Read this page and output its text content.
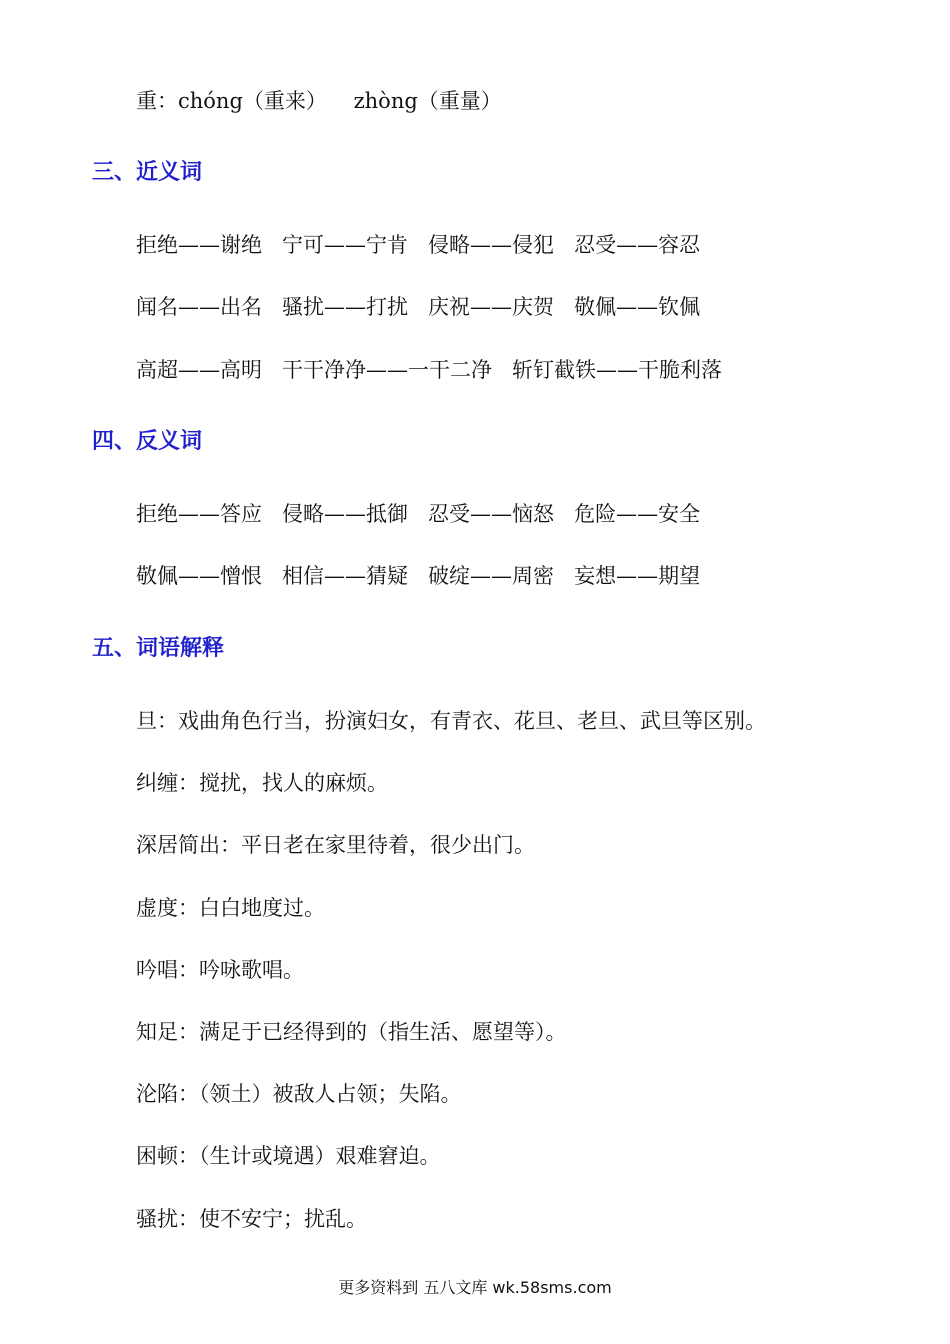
重：chóng（重来）    zhòng（重量）

三、近义词

拒绝——谢绝   宁可——宁肯   侵略——侵犯   忍受——容忍

闻名——出名   骚扰——打扰   庆祝——庆贺   敬佩——钦佩

高超——高明   干干净净——一干二净   斩钉截铁——干脆利落

四、反义词

拒绝——答应   侵略——抵御   忍受——恼怒   危险——安全

敬佩——憎恨   相信——猜疑   破绽——周密   妄想——期望

五、词语解释

旦：戏曲角色行当，扮演妇女，有青衣、花旦、老旦、武旦等区别。

纠缠：搅扰，找人的麻烦。

深居简出：平日老在家里待着，很少出门。

虚度：白白地度过。

吟唱：吟咏歌唱。

知足：满足于已经得到的（指生活、愿望等）。

沦陷：（领土）被敌人占领；失陷。

困顿：（生计或境遇）艰难窘迫。

骚扰：使不安宁；扰乱。

更多资料到 五八文库 wk.58sms.com
